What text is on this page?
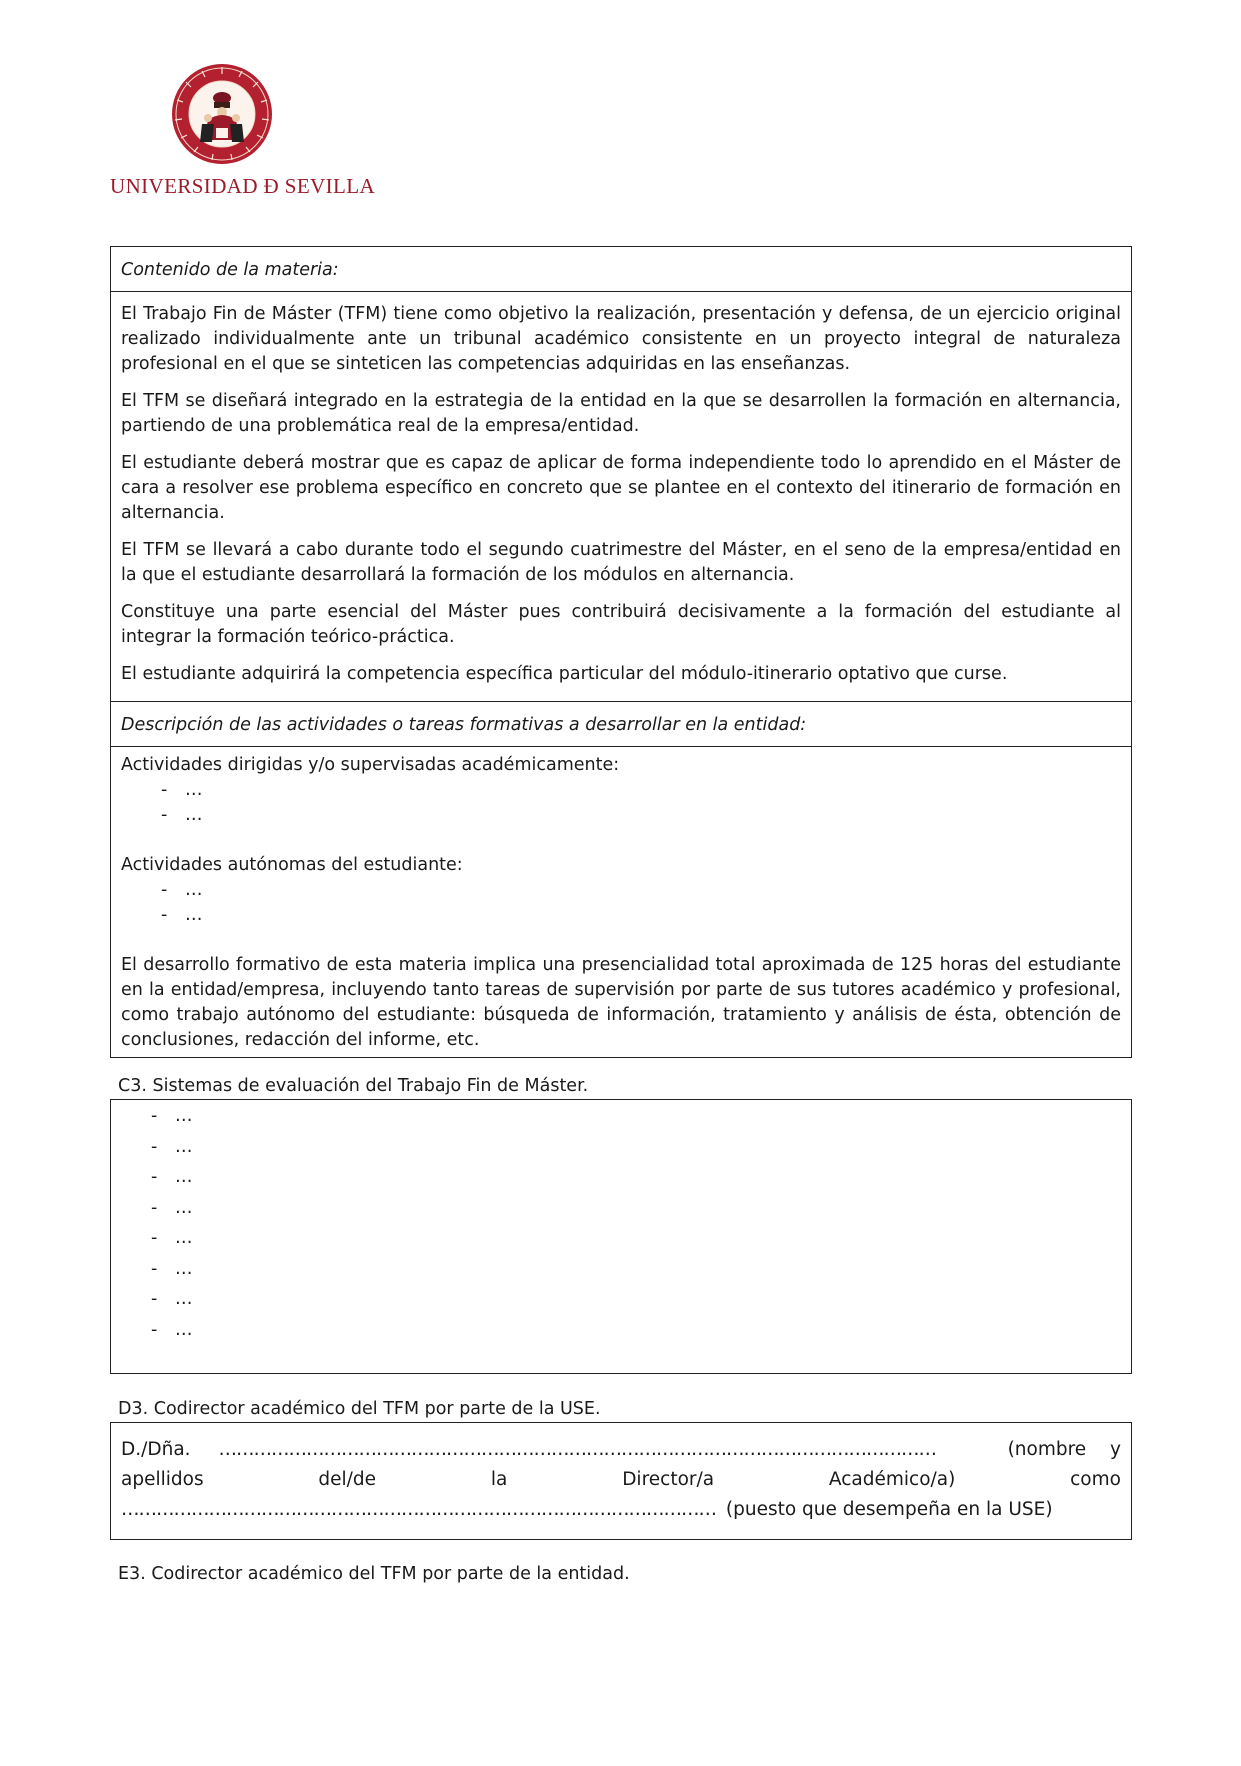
UNIVERSIDAD Ð SEVILLA
Contenido de la materia:

El Trabajo Fin de Máster (TFM) tiene como objetivo la realización, presentación y defensa, de un ejercicio original realizado individualmente ante un tribunal académico consistente en un proyecto integral de naturaleza profesional en el que se sinteticen las competencias adquiridas en las enseñanzas.

El TFM se diseñará integrado en la estrategia de la entidad en la que se desarrollen la formación en alternancia, partiendo de una problemática real de la empresa/entidad.

El estudiante deberá mostrar que es capaz de aplicar de forma independiente todo lo aprendido en el Máster de cara a resolver ese problema específico en concreto que se plantee en el contexto del itinerario de formación en alternancia.

El TFM se llevará a cabo durante todo el segundo cuatrimestre del Máster, en el seno de la empresa/entidad en la que el estudiante desarrollará la formación de los módulos en alternancia.

Constituye una parte esencial del Máster pues contribuirá decisivamente a la formación del estudiante al integrar la formación teórico-práctica.

El estudiante adquirirá la competencia específica particular del módulo-itinerario optativo que curse.

Descripción de las actividades o tareas formativas a desarrollar en la entidad:
Actividades dirigidas y/o supervisadas académicamente:
- …
- …
Actividades autónomas del estudiante:
- …
- …

El desarrollo formativo de esta materia implica una presencialidad total aproximada de 125 horas del estudiante en la entidad/empresa, incluyendo tanto tareas de supervisión por parte de sus tutores académico y profesional, como trabajo autónomo del estudiante: búsqueda de información, tratamiento y análisis de ésta, obtención de conclusiones, redacción del informe, etc.

C3. Sistemas de evaluación del Trabajo Fin de Máster.
- …
- …
- …
- …
- …
- …
- …
- …
D3. Codirector académico del TFM por parte de la USE.
D./Dña. ……………………………………………………………………………………………………………	(nombre y
apellidos	del/de	la	Director/a	Académico/a)	como
………………………………………………………………………………………… (puesto que desempeña en la USE)
E3. Codirector académico del TFM por parte de la entidad.
